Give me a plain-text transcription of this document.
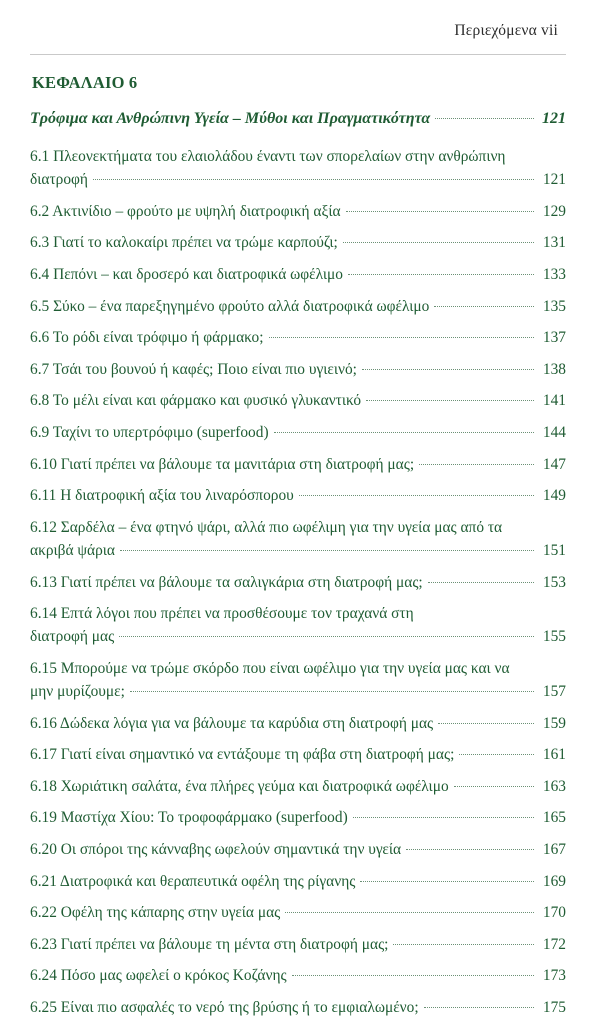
Περιεχόμενα vii
ΚΕΦΑΛΑΙΟ 6
Τρόφιμα και Ανθρώπινη Υγεία – Μύθοι και Πραγματικότητα	121
6.1 Πλεονεκτήματα του ελαιολάδου έναντι των σπορελαίων στην ανθρώπινη
διατροφή	121
6.2 Ακτινίδιο – φρούτο με υψηλή διατροφική αξία	129
6.3 Γιατί το καλοκαίρι πρέπει να τρώμε καρπούζι;	131
6.4 Πεπόνι – και δροσερό και διατροφικά ωφέλιμο	133
6.5 Σύκο – ένα παρεξηγημένο φρούτο αλλά διατροφικά ωφέλιμο	135
6.6 Το ρόδι είναι τρόφιμο ή φάρμακο;	137
6.7 Τσάι του βουνού ή καφές; Ποιο είναι πιο υγιεινό;	138
6.8 Το μέλι είναι και φάρμακο και φυσικό γλυκαντικό	141
6.9 Ταχίνι το υπερτρόφιμο (superfood)	144
6.10 Γιατί πρέπει να βάλουμε τα μανιτάρια στη διατροφή μας;	147
6.11 Η διατροφική αξία του λιναρόσπορου	149
6.12 Σαρδέλα – ένα φτηνό ψάρι, αλλά πιο ωφέλιμη για την υγεία μας από τα
ακριβά ψάρια	151
6.13 Γιατί πρέπει να βάλουμε τα σαλιγκάρια στη διατροφή μας;	153
6.14 Επτά λόγοι που πρέπει να προσθέσουμε τον τραχανά στη
διατροφή μας	155
6.15 Μπορούμε να τρώμε σκόρδο που είναι ωφέλιμο για την υγεία μας και να
μην μυρίζουμε;	157
6.16 Δώδεκα λόγια για να βάλουμε τα καρύδια στη διατροφή μας	159
6.17 Γιατί είναι σημαντικό να εντάξουμε τη φάβα στη διατροφή μας;	161
6.18 Χωριάτικη σαλάτα, ένα πλήρες γεύμα και διατροφικά ωφέλιμο	163
6.19 Μαστίχα Χίου: Το τροφοφάρμακο (superfood)	165
6.20 Οι σπόροι της κάνναβης ωφελούν σημαντικά την υγεία	167
6.21 Διατροφικά και θεραπευτικά οφέλη της ρίγανης	169
6.22 Οφέλη της κάπαρης στην υγεία μας	170
6.23 Γιατί πρέπει να βάλουμε τη μέντα στη διατροφή μας;	172
6.24 Πόσο μας ωφελεί ο κρόκος Κοζάνης	173
6.25 Είναι πιο ασφαλές το νερό της βρύσης ή το εμφιαλωμένο;	175
